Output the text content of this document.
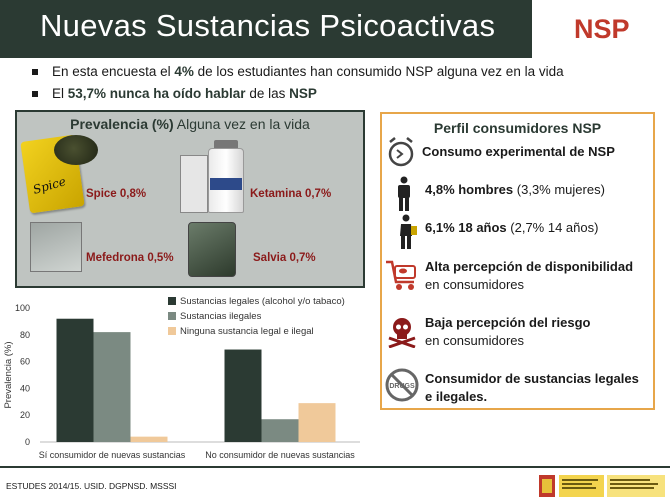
Nuevas Sustancias Psicoactivas	NSP
En esta encuesta el 4% de los estudiantes han consumido NSP alguna vez en la vida
El 53,7% nunca ha oído hablar de las NSP
Prevalencia (%) Alguna vez en la vida
Spice Spice 0,8%	Ketamina 0,7%
Mefedrona 0,5%	Salvia 0,7%
0
20
40
60
80
100
Prevalencia (%)
Sí consumidor de nuevas sustancias No consumidor de nuevas sustancias
Sustancias legales (alcohol y/o tabaco)
Sustancias ilegales
Ninguna sustancia legal e ilegal
Perfil consumidores NSP
DRUGS
Consumo experimental de NSP
4,8% hombres (3,3% mujeres)
6,1% 18 años (2,7% 14 años)
Alta percepción de disponibilidad
en consumidores
Baja percepción del riesgo
en consumidores
Consumidor de sustancias legales
e ilegales.
ESTUDES 2014/15. USID. DGPNSD. MSSSI
